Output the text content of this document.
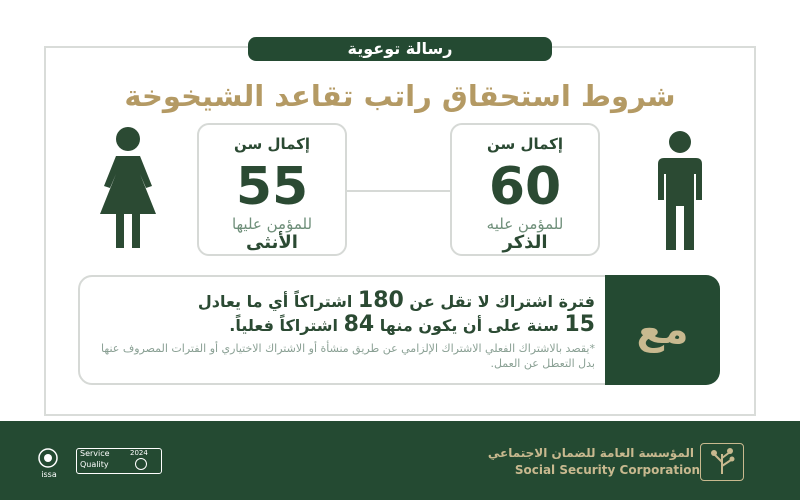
رسالة توعوية
شروط استحقاق راتب تقاعد الشيخوخة
إكمال سن
55
للمؤمن عليها
الأنثى
إكمال سن
60
للمؤمن عليه
الذكر
مع
فترة اشتراك لا تقل عن 180 اشتراكاً أي ما يعادل
15 سنة على أن يكون منها 84 اشتراكاً فعلياً.
*يقصد بالاشتراك الفعلي الاشتراك الإلزامي عن طريق منشأة أو الاشتراك الاختياري أو الفترات المصروف عنها بدل التعطل عن العمل.
المؤسسة العامة للضمان الاجتماعي
Social Security Corporation
issa
Service
Quality
2024
